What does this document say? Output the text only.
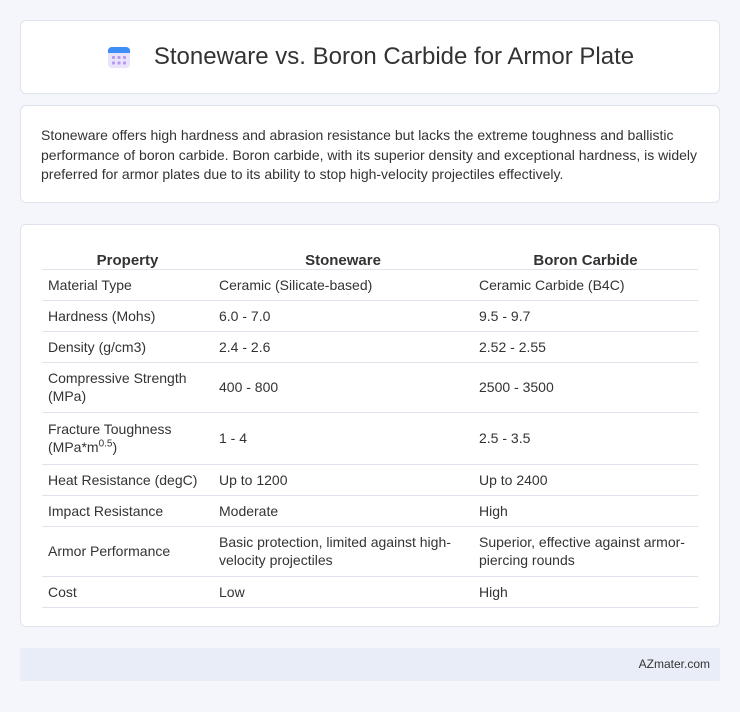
Stoneware vs. Boron Carbide for Armor Plate

Stoneware offers high hardness and abrasion resistance but lacks the extreme toughness and ballistic performance of boron carbide. Boron carbide, with its superior density and exceptional hardness, is widely preferred for armor plates due to its ability to stop high-velocity projectiles effectively.

Property	Stoneware	Boron Carbide
Material Type	Ceramic (Silicate-based)	Ceramic Carbide (B4C)
Hardness (Mohs)	6.0 - 7.0	9.5 - 9.7
Density (g/cm3)	2.4 - 2.6	2.52 - 2.55
Compressive Strength (MPa)	400 - 800	2500 - 3500
Fracture Toughness $(MPa*m^{0.5})$	1 - 4	2.5 - 3.5
Heat Resistance (degC)	Up to 1200	Up to 2400
Impact Resistance	Moderate	High
Armor Performance	Basic protection, limited against high-velocity projectiles	Superior, effective against armor-piercing rounds
Cost	Low	High
AZmater.com
